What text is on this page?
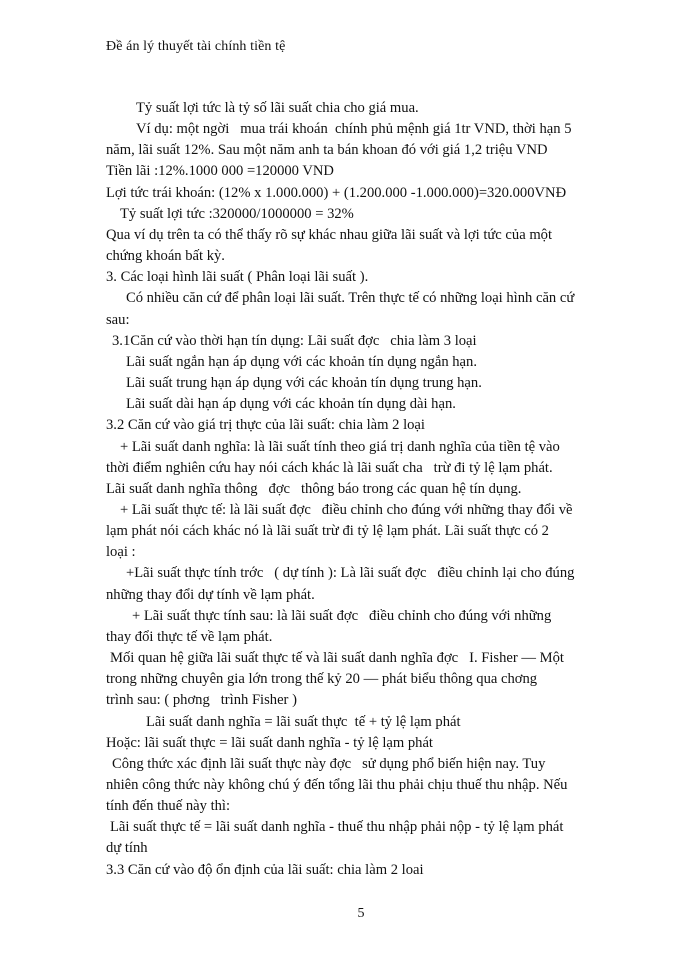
Đề án lý thuyết tài chính tiền tệ

Tỷ suất lợi tức là tỷ số lãi suất chia cho giá mua.

Ví dụ: một ngời   mua trái khoán  chính phủ mệnh giá 1tr VND, thời hạn 5

năm, lãi suất 12%. Sau một năm anh ta bán khoan đó với giá 1,2 triệu VND

Tiền lãi :12%.1000 000 =120000 VND

Lợi tức trái khoán: (12% x 1.000.000) + (1.200.000 -1.000.000)=320.000VNĐ

Tỷ suất lợi tức :320000/1000000 = 32%

Qua ví dụ trên ta có thể thấy rõ sự khác nhau giữa lãi suất và lợi tức của một

chứng khoán bất kỳ.

3. Các loại hình lãi suất ( Phân loại lãi suất ).

Có nhiều căn cứ để phân loại lãi suất. Trên thực tế có những loại hình căn cứ

sau:

3.1Căn cứ vào thời hạn tín dụng: Lãi suất đợc   chia làm 3 loại

Lãi suất ngắn hạn áp dụng với các khoản tín dụng ngắn hạn.

Lãi suất trung hạn áp dụng với các khoản tín dụng trung hạn.

Lãi suất dài hạn áp dụng với các khoản tín dụng dài hạn.

3.2 Căn cứ vào giá trị thực của lãi suất: chia làm 2 loại

+ Lãi suất danh nghĩa: là lãi suất tính theo giá trị danh nghĩa của tiền tệ vào

thời điểm nghiên cứu hay nói cách khác là lãi suất cha   trừ đi tỷ lệ lạm phát.

Lãi suất danh nghĩa thông   đợc   thông báo trong các quan hệ tín dụng.

+ Lãi suất thực tế: là lãi suất đợc   điều chỉnh cho đúng với những thay đổi về

lạm phát nói cách khác nó là lãi suất trừ đi tỷ lệ lạm phát. Lãi suất thực có 2

loại :

+Lãi suất thực tính trớc   ( dự tính ): Là lãi suất đợc   điều chỉnh lại cho đúng

những thay đổi dự tính về lạm phát.

+ Lãi suất thực tính sau: là lãi suất đợc   điều chỉnh cho đúng với những

thay đổi thực tế về lạm phát.

Mối quan hệ giữa lãi suất thực tế và lãi suất danh nghĩa đợc   I. Fisher — Một

trong những chuyên gia lớn trong thế kỷ 20 — phát biểu thông qua chơng

trình sau: ( phơng   trình Fisher )

Lãi suất danh nghĩa = lãi suất thực  tế + tỷ lệ lạm phát

Hoặc: lãi suất thực = lãi suất danh nghĩa - tỷ lệ lạm phát

Công thức xác định lãi suất thực này đợc   sử dụng phổ biến hiện nay. Tuy

nhiên công thức này không chú ý đến tổng lãi thu phải chịu thuế thu nhập. Nếu

tính đến thuế này thì:

Lãi suất thực tế = lãi suất danh nghĩa - thuế thu nhập phải nộp - tỷ lệ lạm phát

dự tính

3.3 Căn cứ vào độ ổn định của lãi suất: chia làm 2 loai

5
